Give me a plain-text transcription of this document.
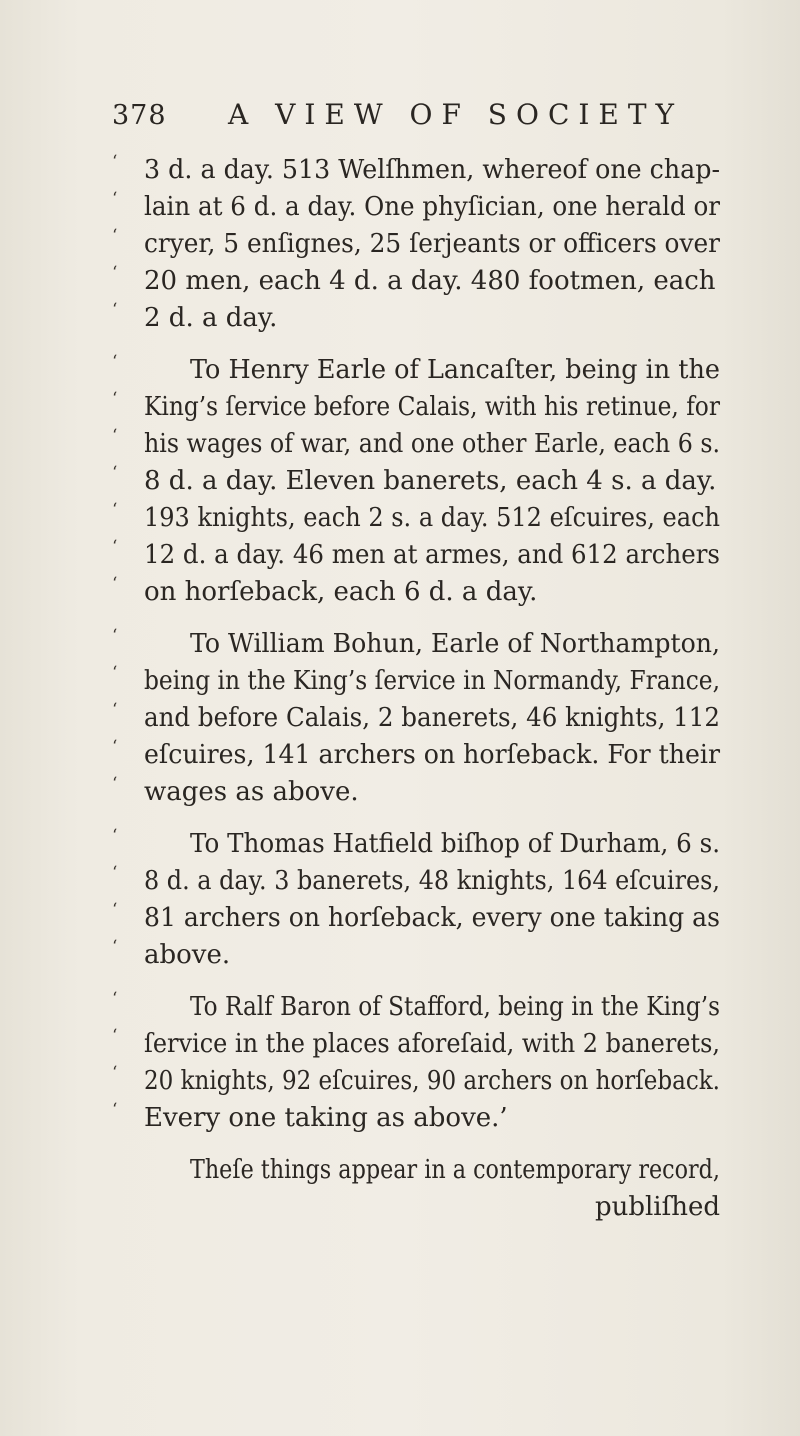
378 A VIEW OF SOCIETY
‘ 3 d. a day. 513 Welſhmen, whereof one chap-
‘ lain at 6 d. a day. One phyſician, one herald or
‘ cryer, 5 enſignes, 25 ſerjeants or officers over
‘ 20 men, each 4 d. a day. 480 footmen, each
‘ 2 d. a day.
‘	To Henry Earle of Lancaſter, being in the
‘ King’s ſervice before Calais, with his retinue, for
‘ his wages of war, and one other Earle, each 6 s.
‘ 8 d. a day. Eleven banerets, each 4 s. a day.
‘ 193 knights, each 2 s. a day. 512 eſcuires, each
‘ 12 d. a day. 46 men at armes, and 612 archers
‘ on horſeback, each 6 d. a day.
‘	To William Bohun, Earle of Northampton,
‘ being in the King’s ſervice in Normandy, France,
‘ and before Calais, 2 banerets, 46 knights, 112
‘ eſcuires, 141 archers on horſeback. For their
‘ wages as above.
‘	To Thomas Hatfield biſhop of Durham, 6 s.
‘ 8 d. a day. 3 banerets, 48 knights, 164 eſcuires,
‘ 81 archers on horſeback, every one taking as
‘ above.
‘	To Ralf Baron of Stafford, being in the King’s
‘ ſervice in the places aforeſaid, with 2 banerets,
‘ 20 knights, 92 eſcuires, 90 archers on horſeback.
‘ Every one taking as above.’
Theſe things appear in a contemporary record,
publiſhed
